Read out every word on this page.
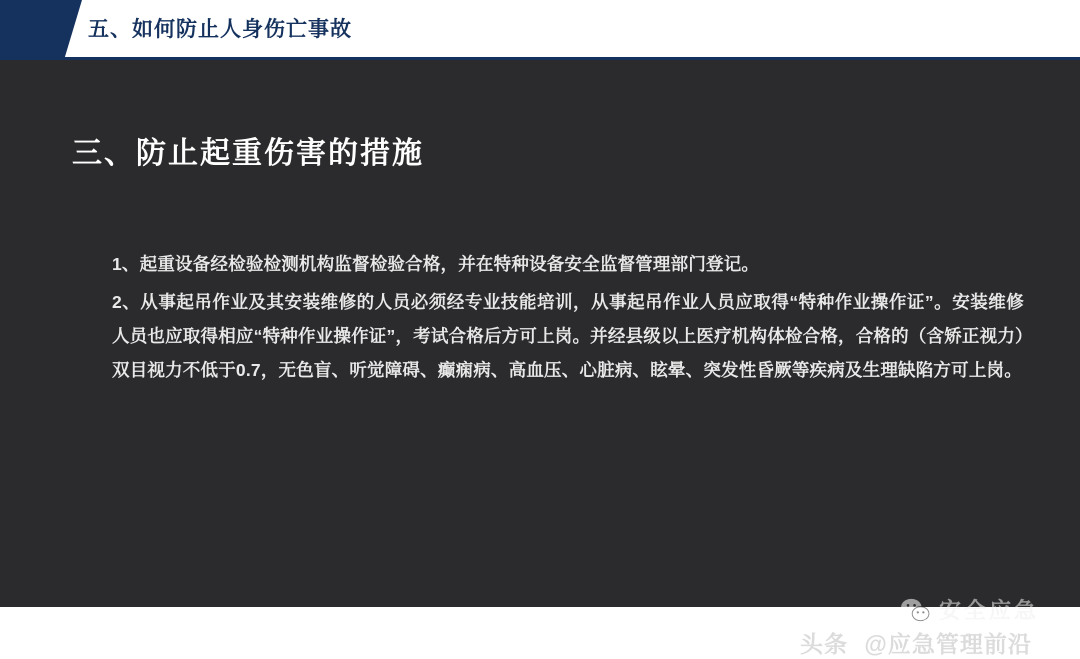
五、如何防止人身伤亡事故
三、防止起重伤害的措施

1、起重设备经检验检测机构监督检验合格，并在特种设备安全监督管理部门登记。

2、从事起吊作业及其安装维修的人员必须经专业技能培训，从事起吊作业人员应取得“特种作业操作证”。安装维修人员也应取得相应“特种作业操作证”，考试合格后方可上岗。并经县级以上医疗机构体检合格，合格的（含矫正视力）双目视力不低于0.7，无色盲、听觉障碍、癫痫病、高血压、心脏病、眩晕、突发性昏厥等疾病及生理缺陷方可上岗。

头条 @应急管理前沿
安全应急
